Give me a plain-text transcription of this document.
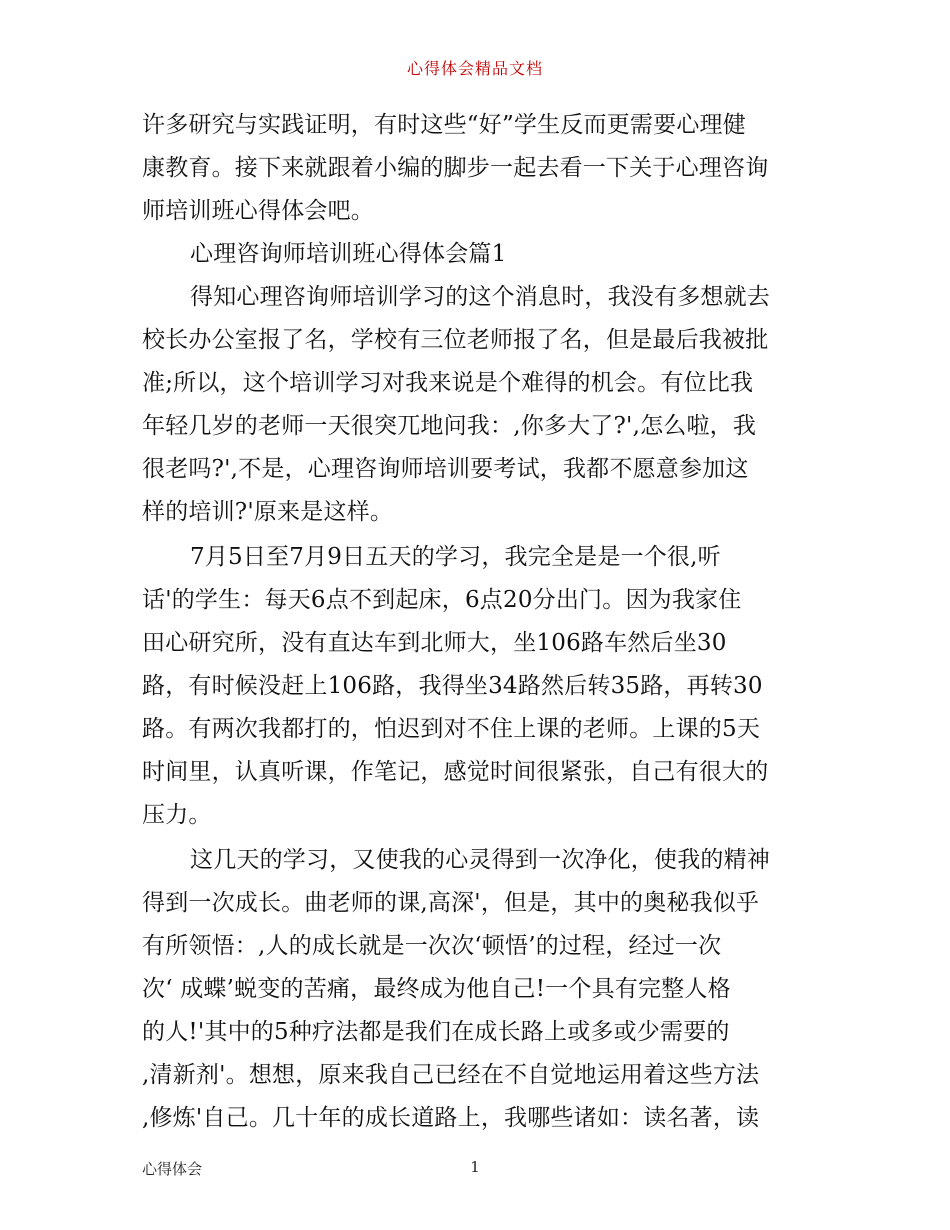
心得体会精品文档
许多研究与实践证明，有时这些“好”学生反而更需要心理健
康教育。接下来就跟着小编的脚步一起去看一下关于心理咨询
师培训班心得体会吧。
心理咨询师培训班心得体会篇1
得知心理咨询师培训学习的这个消息时，我没有多想就去
校长办公室报了名，学校有三位老师报了名，但是最后我被批
准;所以，这个培训学习对我来说是个难得的机会。有位比我
年轻几岁的老师一天很突兀地问我：,你多大了?',怎么啦，我
很老吗?',不是，心理咨询师培训要考试，我都不愿意参加这
样的培训?'原来是这样。
7月5日至7月9日五天的学习，我完全是是一个很,听
话'的学生：每天6点不到起床，6点20分出门。因为我家住
田心研究所，没有直达车到北师大，坐106路车然后坐30
路，有时候没赶上106路，我得坐34路然后转35路，再转30
路。有两次我都打的，怕迟到对不住上课的老师。上课的5天
时间里，认真听课，作笔记，感觉时间很紧张，自己有很大的
压力。
这几天的学习，又使我的心灵得到一次净化，使我的精神
得到一次成长。曲老师的课,高深'，但是，其中的奥秘我似乎
有所领悟：,人的成长就是一次次‘顿悟’的过程，经过一次
次‘ 成蝶’蜕变的苦痛，最终成为他自己!一个具有完整人格
的人!'其中的5种疗法都是我们在成长路上或多或少需要的
,清新剂'。想想，原来我自己已经在不自觉地运用着这些方法
,修炼'自己。几十年的成长道路上，我哪些诸如：读名著，读
心得体会	1
